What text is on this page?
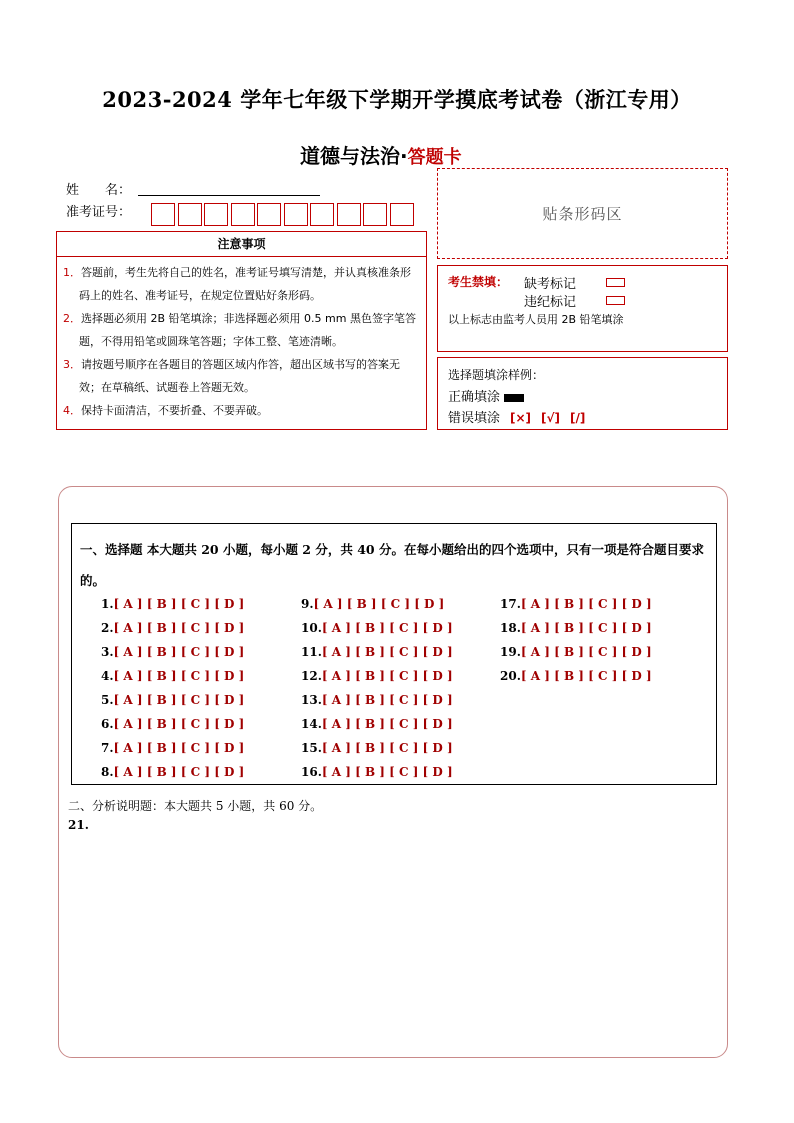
2023-2024 学年七年级下学期开学摸底考试卷（浙江专用）
道德与法治·答题卡
姓　　名：
准考证号：	贴条形码区
注意事项
1．答题前，考生先将自己的姓名，准考证号填写清楚，并认真核准条形码上的姓名、准考证号，在规定位置贴好条形码。
2．选择题必须用 2B 铅笔填涂；非选择题必须用 0.5 mm 黑色签字笔答题，不得用铅笔或圆珠笔答题；字体工整、笔迹清晰。
3．请按题号顺序在各题目的答题区域内作答，超出区域书写的答案无效；在草稿纸、试题卷上答题无效。
4．保持卡面清洁，不要折叠、不要弄破。
考生禁填： 缺考标记
违纪标记
以上标志由监考人员用 2B 铅笔填涂
选择题填涂样例：
正确填涂
错误填涂 [×] [√] [/]
一、选择题 本大题共 20 小题，每小题 2 分，共 40 分。在每小题给出的四个选项中，只有一项是符合题目要求的。
1.[ A ] [ B ] [ C ] [ D ]
2.[ A ] [ B ] [ C ] [ D ]
3.[ A ] [ B ] [ C ] [ D ]
4.[ A ] [ B ] [ C ] [ D ]
5.[ A ] [ B ] [ C ] [ D ]
6.[ A ] [ B ] [ C ] [ D ]
7.[ A ] [ B ] [ C ] [ D ]
8.[ A ] [ B ] [ C ] [ D ]
9.[ A ] [ B ] [ C ] [ D ]
10.[ A ] [ B ] [ C ] [ D ]
11.[ A ] [ B ] [ C ] [ D ]
12.[ A ] [ B ] [ C ] [ D ]
13.[ A ] [ B ] [ C ] [ D ]
14.[ A ] [ B ] [ C ] [ D ]
15.[ A ] [ B ] [ C ] [ D ]
16.[ A ] [ B ] [ C ] [ D ]
17.[ A ] [ B ] [ C ] [ D ]
18.[ A ] [ B ] [ C ] [ D ]
19.[ A ] [ B ] [ C ] [ D ]
20.[ A ] [ B ] [ C ] [ D ]
二、分析说明题：本大题共 5 小题，共 60 分。
21.
